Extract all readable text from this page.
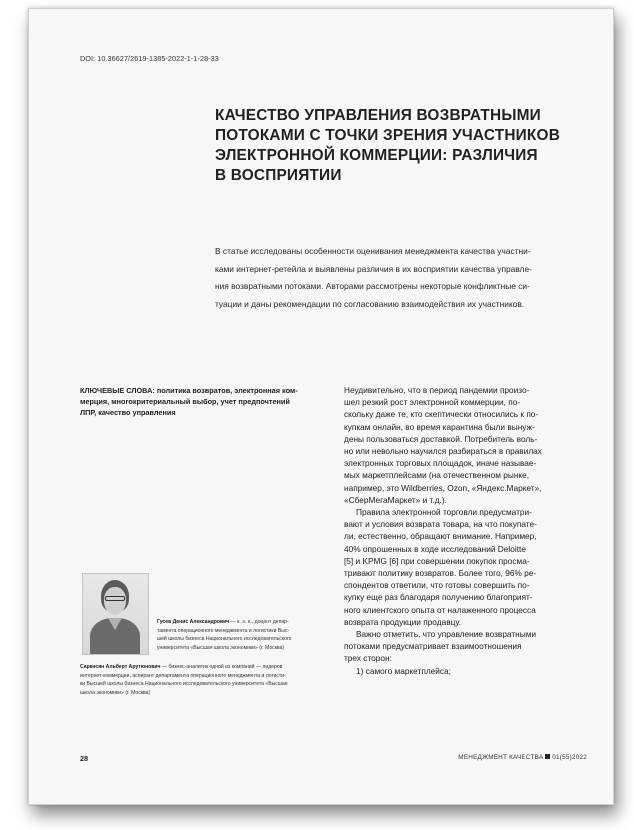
DOI: 10.36627/2619-1385-2022-1-1-28-33
КАЧЕСТВО УПРАВЛЕНИЯ ВОЗВРАТНЫМИ
ПОТОКАМИ С ТОЧКИ ЗРЕНИЯ УЧАСТНИКОВ
ЭЛЕКТРОННОЙ КОММЕРЦИИ: РАЗЛИЧИЯ
В ВОСПРИЯТИИ
В статье исследованы особенности оценивания менеджмента качества участни-
ками интернет-ретейла и выявлены различия в их восприятии качества управле-
ния возвратными потоками. Авторами рассмотрены некоторые конфликтные си-
туации и даны рекомендации по согласованию взаимодействия их участников.
КЛЮЧЕВЫЕ СЛОВА: политика возвратов, электронная ком-
мерция, многокритериальный выбор, учет предпочтений
ЛПР, качество управления
Гусев Денис Александрович — к. э. н., доцент депар-
тамента операционного менеджмента и логистики Выс-
шей школы бизнеса Национального исследовательского
университета «Высшая школа экономики» (г. Москва)
Саркисян Альберт Арутюнович — бизнес-аналитик одной из компаний — лидеров
интернет-коммерции, аспирант департамента операционного менеджмента и логисти-
ки Высшей школы бизнеса Национального исследовательского университета «Высшая
школа экономики» (г. Москва)
Неудивительно, что в период пандемии произо-
шел резкий рост электронной коммерции, по-
скольку даже те, кто скептически относились к по-
купкам онлайн, во время карантина были вынуж-
дены пользоваться доставкой. Потребитель воль-
но или невольно научился разбираться в правилах
электронных торговых площадок, иначе называе-
мых маркетплейсами (на отечественном рынке,
например, это Wildberries, Ozon, «Яндекс.Маркет»,
«СберМегаМаркет» и т.д.).
Правила электронной торговли предусматри-
вают и условия возврата товара, на что покупате-
ли, естественно, обращают внимание. Например,
40% опрошенных в ходе исследований Deloitte
[5] и KPMG [6] при совершении покупок просма-
тривают политику возвратов. Более того, 96% ре-
спондентов ответили, что готовы совершить по-
купку еще раз благодаря получению благоприят-
ного клиентского опыта от налаженного процесса
возврата продукции продавцу.
Важно отметить, что управление возвратными
потоками предусматривает взаимоотношения
трех сторон:
1) самого маркетплейса;
28	МЕНЕДЖМЕНТ КАЧЕСТВА 01(55)2022
